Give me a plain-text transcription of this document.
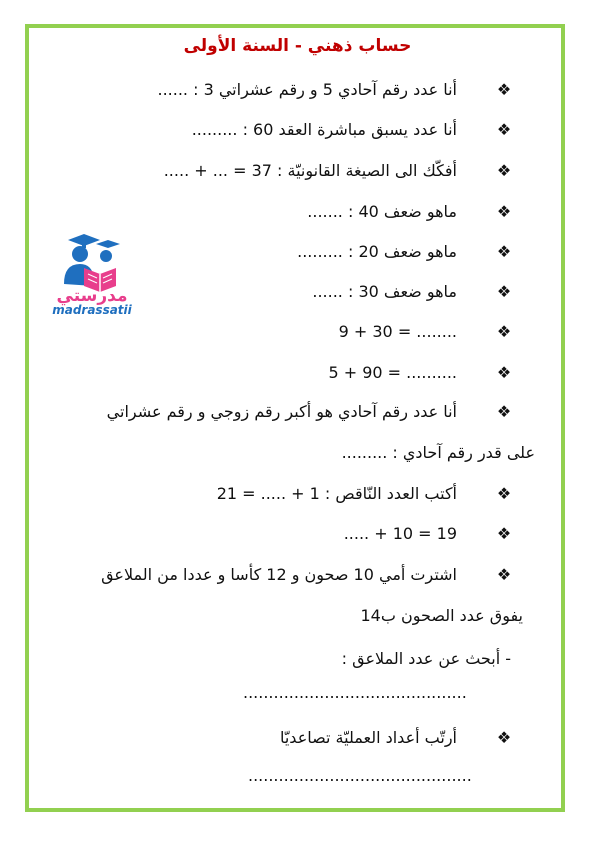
حساب ذهني - السنة الأولى
مدرستي
madrassatii
❖
أنا عدد رقم آحادي 5 و رقم عشراتي 3 : ......
❖
أنا عدد يسبق مباشرة العقد 60 : .........
❖
أفكّك الى الصيغة القانونيّة : 37 = ... + .....
❖
ماهو ضعف 40 : .......
❖
ماهو ضعف 20 : .........
❖
ماهو ضعف 30 : ......
❖
9 + 30 = ........
❖
5 + 90 = ..........
❖
أنا عدد رقم آحادي هو أكبر رقم زوجي و رقم عشراتي
على قدر رقم آحادي : .........
❖
أكتب العدد النّاقص : 1 + ..... = 21
❖
..... + 10 = 19
❖
اشترت أمي 10 صحون و 12 كأسا و عددا من الملاعق
يفوق عدد الصحون ب14
- أبحث عن عدد الملاعق :
............................................
❖
أرتّب أعداد العمليّة تصاعديّا
............................................
